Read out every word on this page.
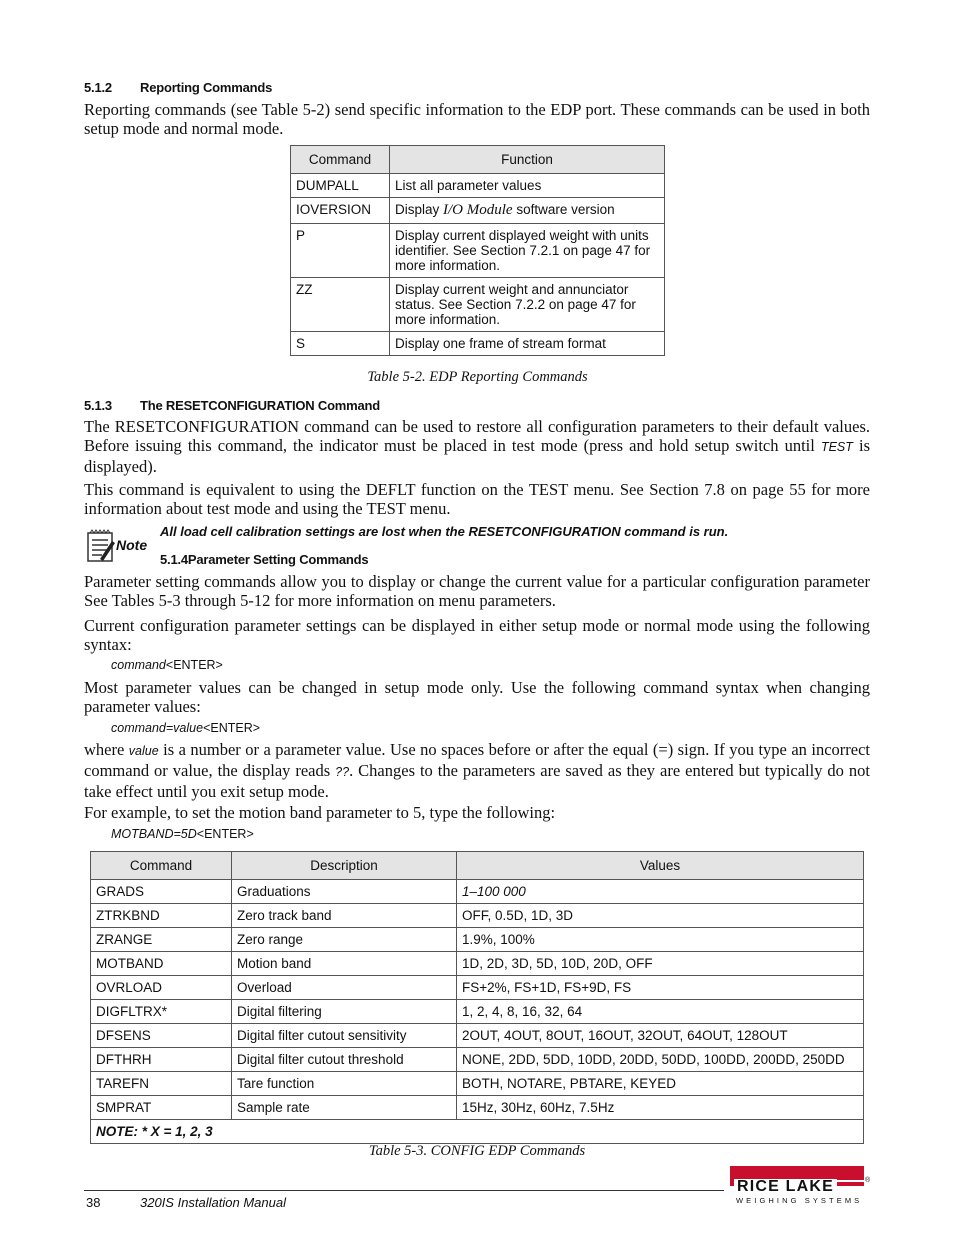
5.1.2 Reporting Commands
Reporting commands (see Table 5-2) send specific information to the EDP port. These commands can be used in both setup mode and normal mode.
Command	Function
DUMPALL	List all parameter values
IOVERSION	Display I/O Module software version
P	Display current displayed weight with units identifier. See Section 7.2.1 on page 47 for more information.
ZZ	Display current weight and annunciator status. See Section 7.2.2 on page 47 for more information.
S	Display one frame of stream format
Table 5-2. EDP Reporting Commands
5.1.3 The RESETCONFIGURATION Command
The RESETCONFIGURATION command can be used to restore all configuration parameters to their default values. Before issuing this command, the indicator must be placed in test mode (press and hold setup switch until TEST is displayed).
This command is equivalent to using the DEFLT function on the TEST menu. See Section 7.8 on page 55 for more information about test mode and using the TEST menu.
Note
All load cell calibration settings are lost when the RESETCONFIGURATION command is run.
5.1.4Parameter Setting Commands
Parameter setting commands allow you to display or change the current value for a particular configuration parameter See Tables 5-3 through 5-12 for more information on menu parameters.
Current configuration parameter settings can be displayed in either setup mode or normal mode using the following syntax:
command<ENTER>
Most parameter values can be changed in setup mode only. Use the following command syntax when changing parameter values:
command=value<ENTER>
where value is a number or a parameter value. Use no spaces before or after the equal (=) sign. If you type an incorrect command or value, the display reads ??. Changes to the parameters are saved as they are entered but typically do not take effect until you exit setup mode.
For example, to set the motion band parameter to 5, type the following:
MOTBAND=5D<ENTER>
Command	Description	Values
GRADS	Graduations	1–100 000
ZTRKBND	Zero track band	OFF, 0.5D, 1D, 3D
ZRANGE	Zero range	1.9%, 100%
MOTBAND	Motion band	1D, 2D, 3D, 5D, 10D, 20D, OFF
OVRLOAD	Overload	FS+2%, FS+1D, FS+9D, FS
DIGFLTRX*	Digital filtering	1, 2, 4, 8, 16, 32, 64
DFSENS	Digital filter cutout sensitivity	2OUT, 4OUT, 8OUT, 16OUT, 32OUT, 64OUT, 128OUT
DFTHRH	Digital filter cutout threshold	NONE, 2DD, 5DD, 10DD, 20DD, 50DD, 100DD, 200DD, 250DD
TAREFN	Tare function	BOTH, NOTARE, PBTARE, KEYED
SMPRAT	Sample rate	15Hz, 30Hz, 60Hz, 7.5Hz
NOTE: * X = 1, 2, 3		
Table 5-3. CONFIG EDP Commands
38	320IS Installation Manual
RICE LAKE	®
WEIGHING SYSTEMS
